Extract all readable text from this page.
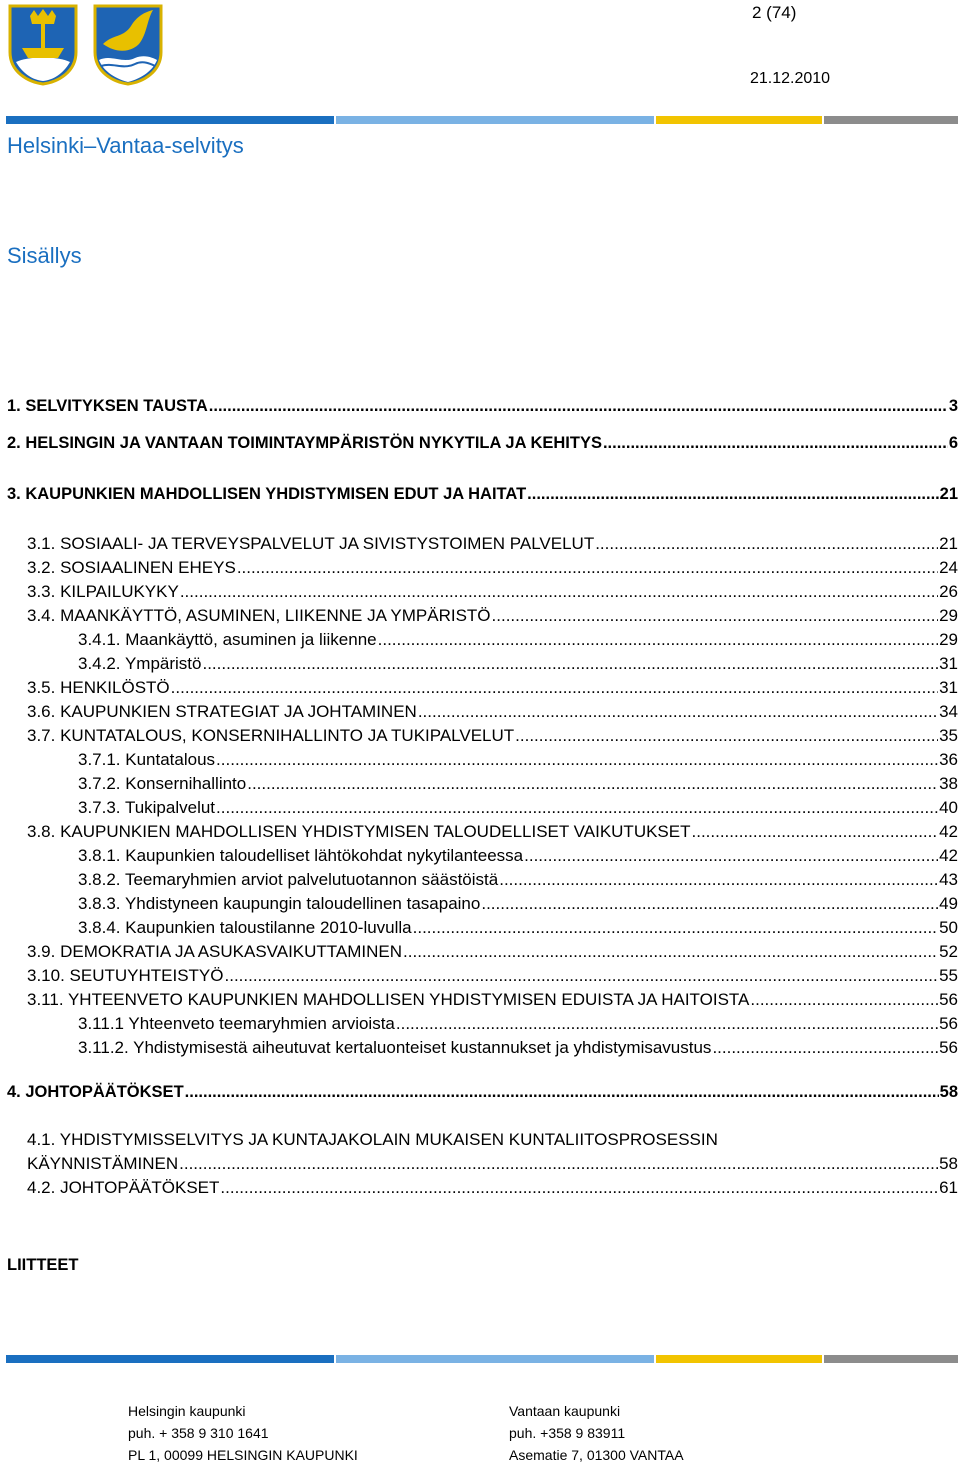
2 (74)
21.12.2010
Helsinki–Vantaa-selvitys
Sisällys
1. SELVITYKSEN TAUSTA .....	3
2. HELSINGIN JA VANTAAN TOIMINTAYMPÄRISTÖN NYKYTILA JA KEHITYS .....	6
3. KAUPUNKIEN MAHDOLLISEN YHDISTYMISEN EDUT JA HAITAT .....	21
3.1. SOSIAALI- JA TERVEYSPALVELUT JA SIVISTYSTOIMEN PALVELUT .....	21
3.2. SOSIAALINEN EHEYS .....	24
3.3. KILPAILUKYKY .....	26
3.4. MAANKÄYTTÖ, ASUMINEN, LIIKENNE JA YMPÄRISTÖ .....	29
3.4.1. Maankäyttö, asuminen ja liikenne .....	29
3.4.2. Ympäristö .....	31
3.5. HENKILÖSTÖ .....	31
3.6. KAUPUNKIEN STRATEGIAT JA JOHTAMINEN .....	34
3.7. KUNTATALOUS, KONSERNIHALLINTO JA TUKIPALVELUT .....	35
3.7.1. Kuntatalous .....	36
3.7.2. Konsernihallinto .....	38
3.7.3. Tukipalvelut .....	40
3.8. KAUPUNKIEN MAHDOLLISEN YHDISTYMISEN TALOUDELLISET VAIKUTUKSET .....	42
3.8.1. Kaupunkien taloudelliset lähtökohdat nykytilanteessa .....	42
3.8.2. Teemaryhmien arviot palvelutuotannon säästöistä .....	43
3.8.3. Yhdistyneen kaupungin taloudellinen tasapaino .....	49
3.8.4. Kaupunkien taloustilanne 2010-luvulla .....	50
3.9. DEMOKRATIA JA ASUKASVAIKUTTAMINEN .....	52
3.10. SEUTUYHTEISTYÖ .....	55
3.11. YHTEENVETO KAUPUNKIEN MAHDOLLISEN YHDISTYMISEN EDUISTA JA HAITOISTA .....	56
3.11.1 Yhteenveto teemaryhmien arvioista .....	56
3.11.2. Yhdistymisestä aiheutuvat kertaluonteiset kustannukset ja yhdistymisavustus .....	56
4. JOHTOPÄÄTÖKSET .....	58
4.1. YHDISTYMISSELVITYS JA KUNTAJAKOLAIN MUKAISEN KUNTALIITOSPROSESSIN
KÄYNNISTÄMINEN .....	58
4.2. JOHTOPÄÄTÖKSET .....	61
LIITTEET
Helsingin kaupunki
puh. + 358 9 310 1641
PL 1, 00099 HELSINGIN KAUPUNKI
Vantaan kaupunki
puh. +358 9 83911
Asematie 7, 01300 VANTAA
